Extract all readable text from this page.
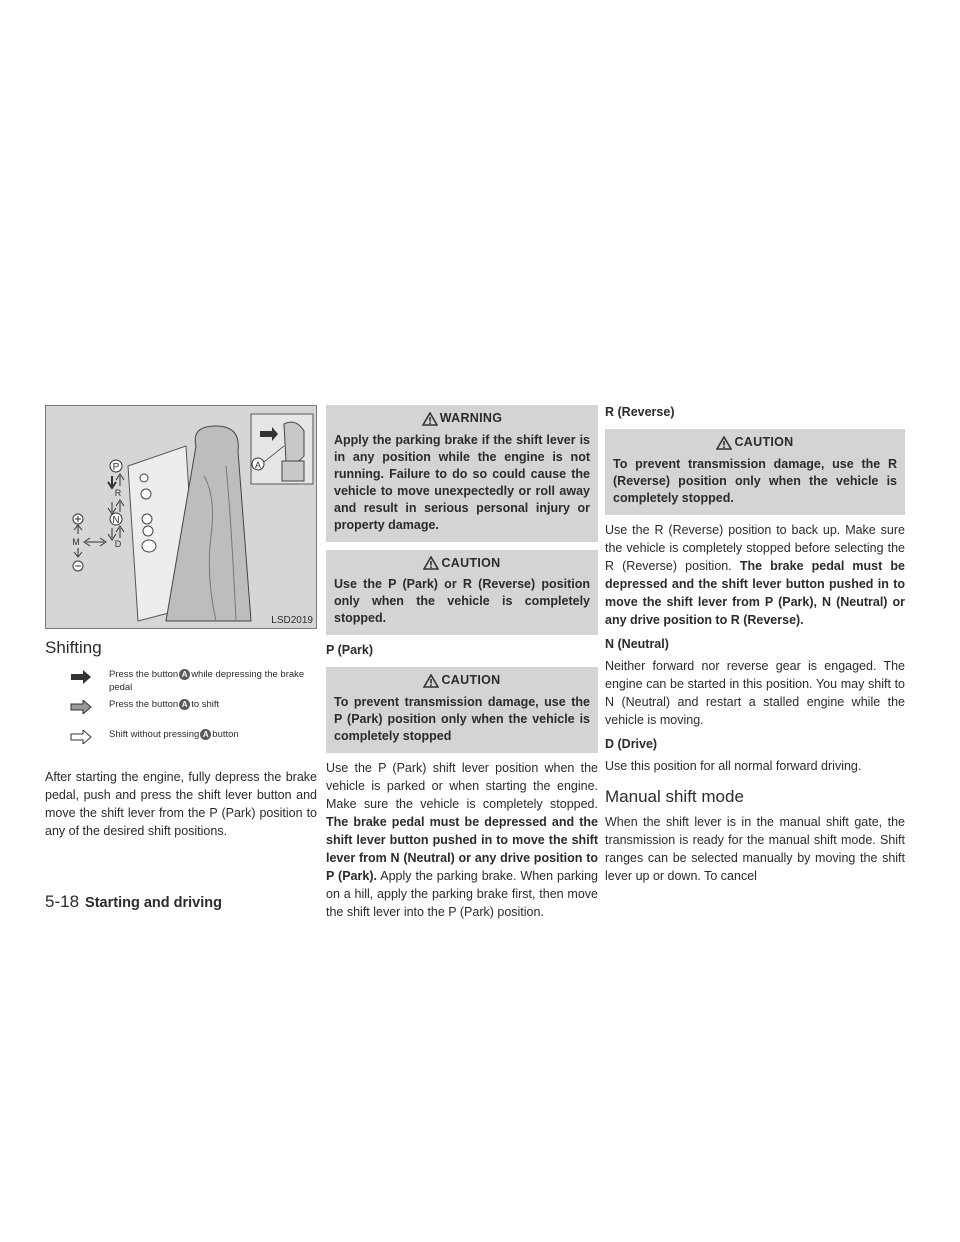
P
R
N
D
M
A
LSD2019
Shifting
Press the button A while depressing the brake pedal
Press the button A to shift
Shift without pressing A button

After starting the engine, fully depress the brake pedal, push and press the shift lever button and move the shift lever from the P (Park) position to any of the desired shift positions.

WARNING
Apply the parking brake if the shift lever is in any position while the engine is not running. Failure to do so could cause the vehicle to move unexpectedly or roll away and result in serious personal injury or property damage.
CAUTION
Use the P (Park) or R (Reverse) position only when the vehicle is completely stopped.
P (Park)
CAUTION
To prevent transmission damage, use the P (Park) position only when the vehicle is completely stopped

Use the P (Park) shift lever position when the vehicle is parked or when starting the engine. Make sure the vehicle is completely stopped. The brake pedal must be depressed and the shift lever button pushed in to move the shift lever from N (Neutral) or any drive position to P (Park). Apply the parking brake. When parking on a hill, apply the parking brake first, then move the shift lever into the P (Park) position.

R (Reverse)
CAUTION
To prevent transmission damage, use the R (Reverse) position only when the vehicle is completely stopped.

Use the R (Reverse) position to back up. Make sure the vehicle is completely stopped before selecting the R (Reverse) position. The brake pedal must be depressed and the shift lever button pushed in to move the shift lever from P (Park), N (Neutral) or any drive position to R (Reverse).

N (Neutral)

Neither forward nor reverse gear is engaged. The engine can be started in this position. You may shift to N (Neutral) and restart a stalled engine while the vehicle is moving.

D (Drive)

Use this position for all normal forward driving.

Manual shift mode

When the shift lever is in the manual shift gate, the transmission is ready for the manual shift mode. Shift ranges can be selected manually by moving the shift lever up or down. To cancel

5-18 Starting and driving
